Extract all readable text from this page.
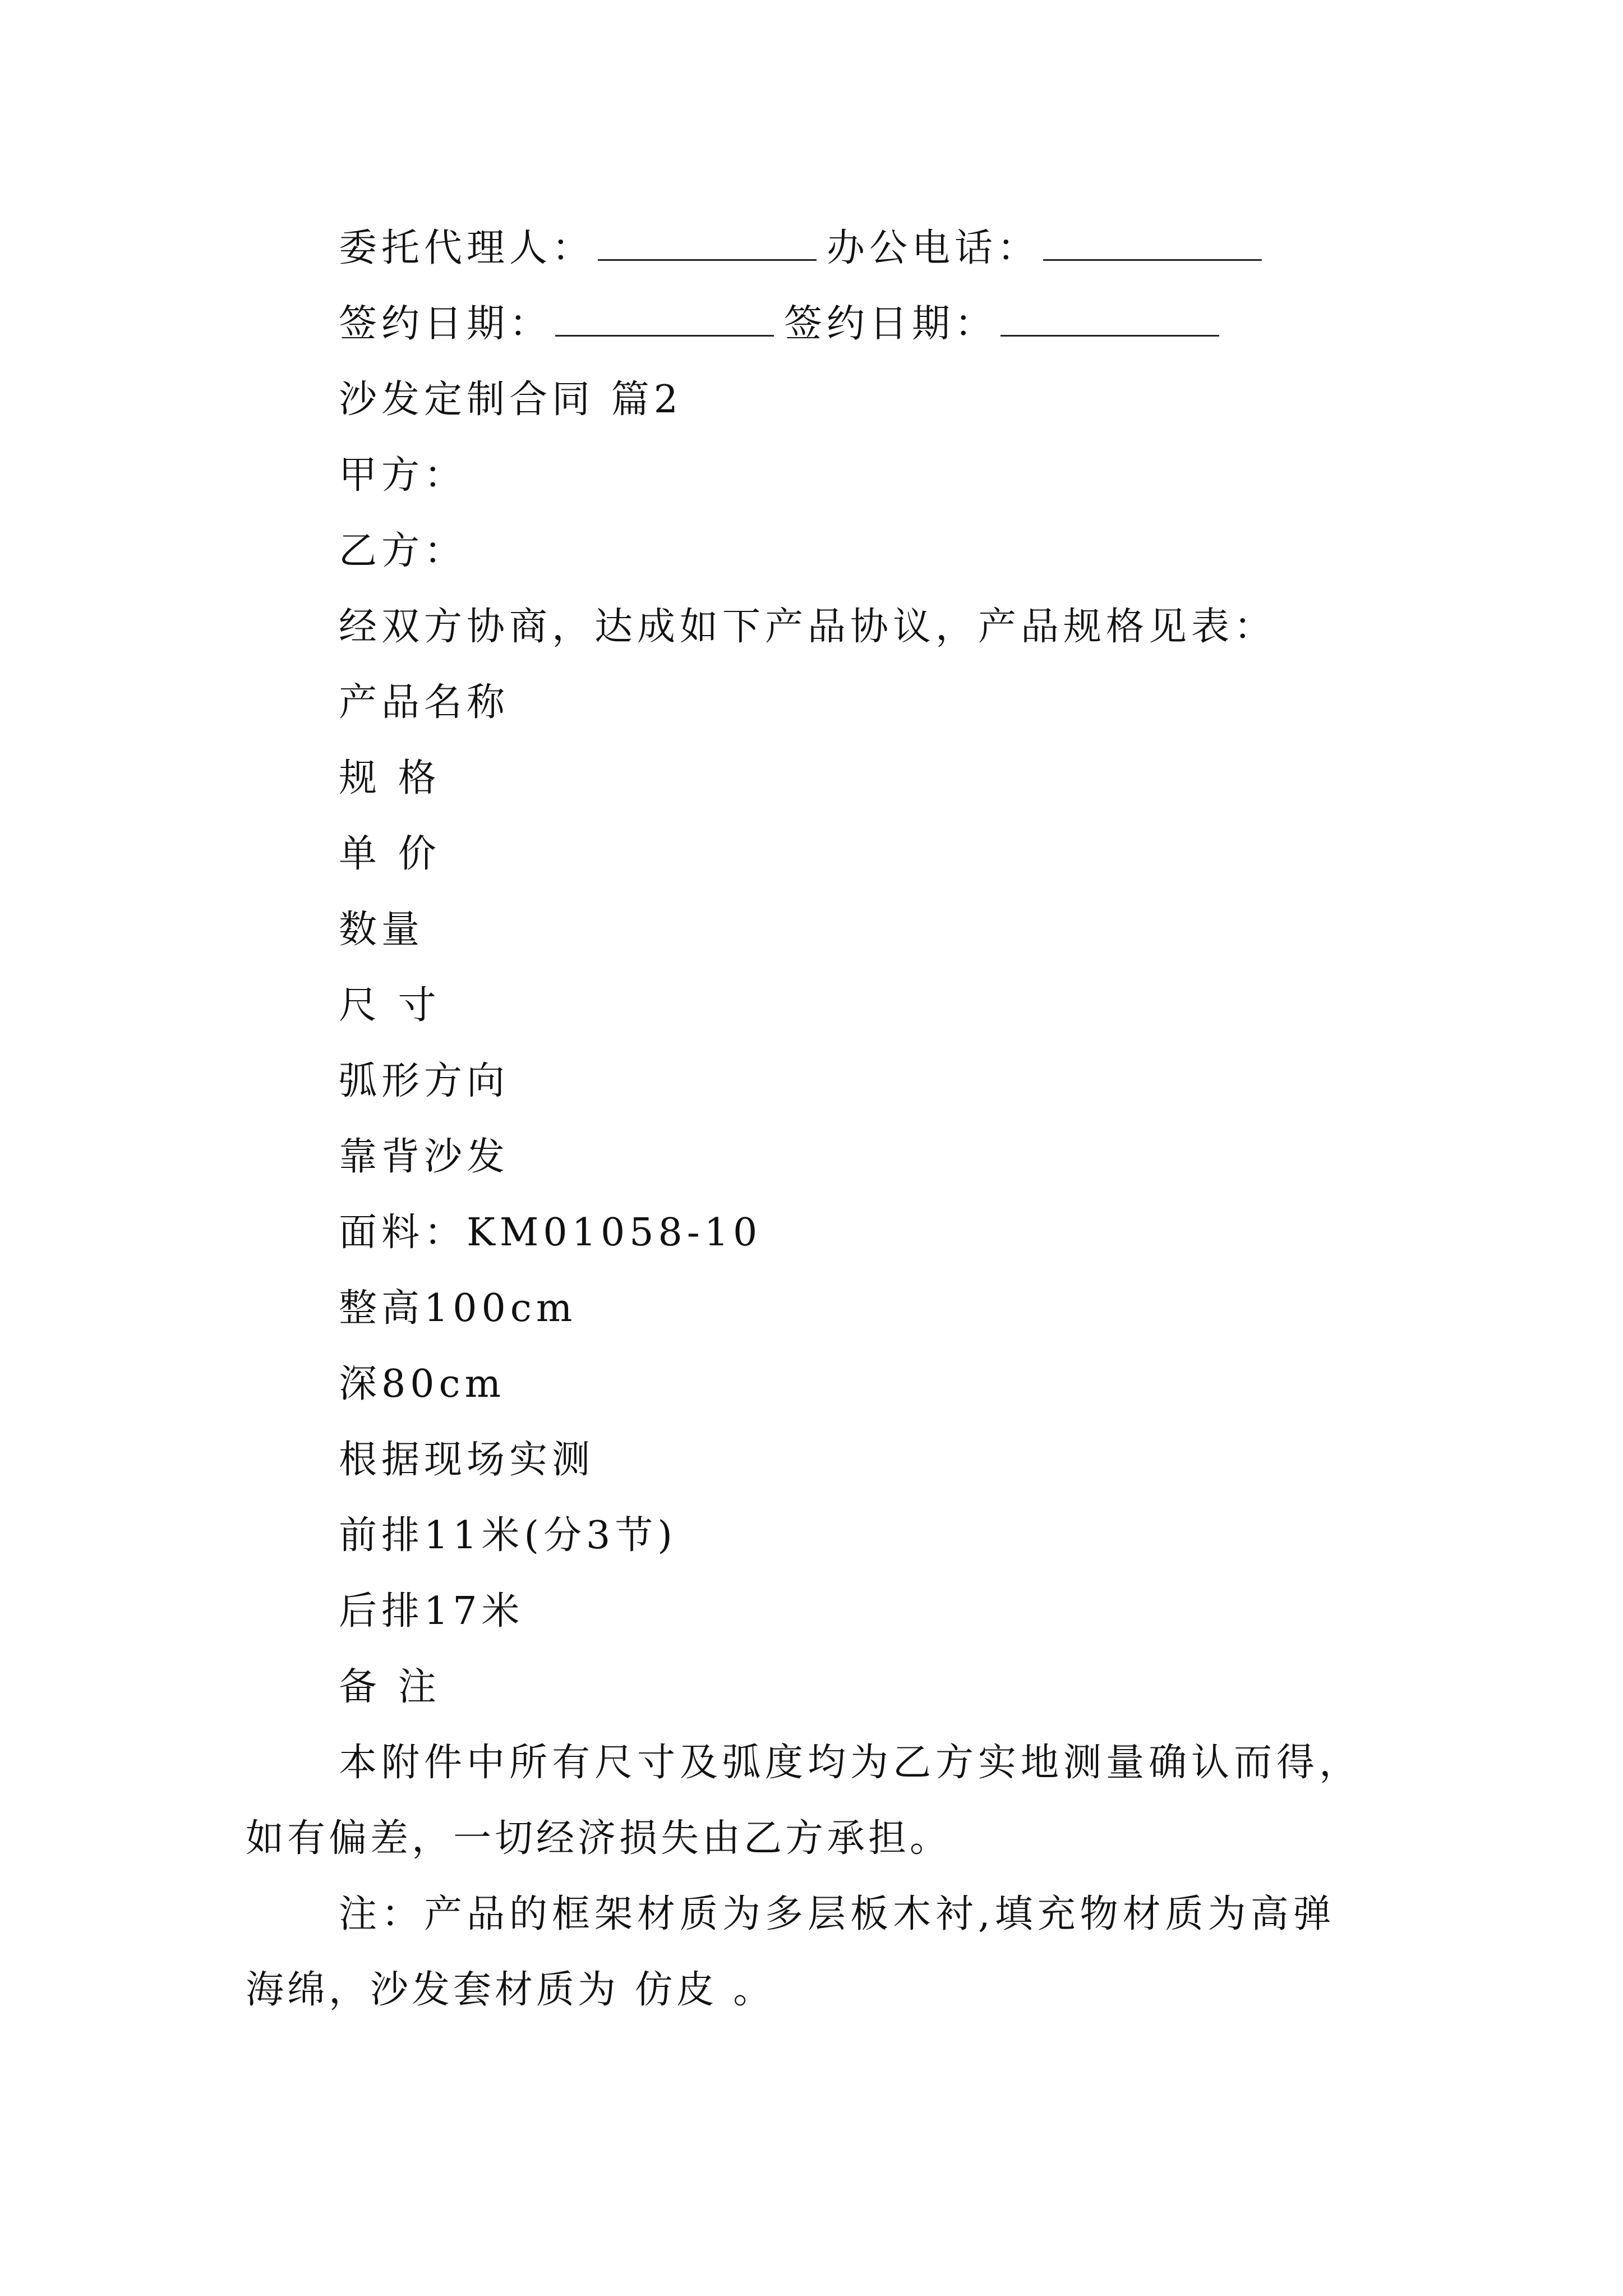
委托代理人：	办公电话：
签约日期：	签约日期：
沙发定制合同 篇2
甲方：
乙方：
经双方协商，达成如下产品协议，产品规格见表：
产品名称
规 格
单 价
数量
尺 寸
弧形方向
靠背沙发
面料：KM01058-10
整高100cm
深80cm
根据现场实测
前排11米(分3节)
后排17米
备 注
本附件中所有尺寸及弧度均为乙方实地测量确认而得，
如有偏差，一切经济损失由乙方承担。
注：产品的框架材质为多层板木衬,填充物材质为高弹
海绵，沙发套材质为 仿皮 。
